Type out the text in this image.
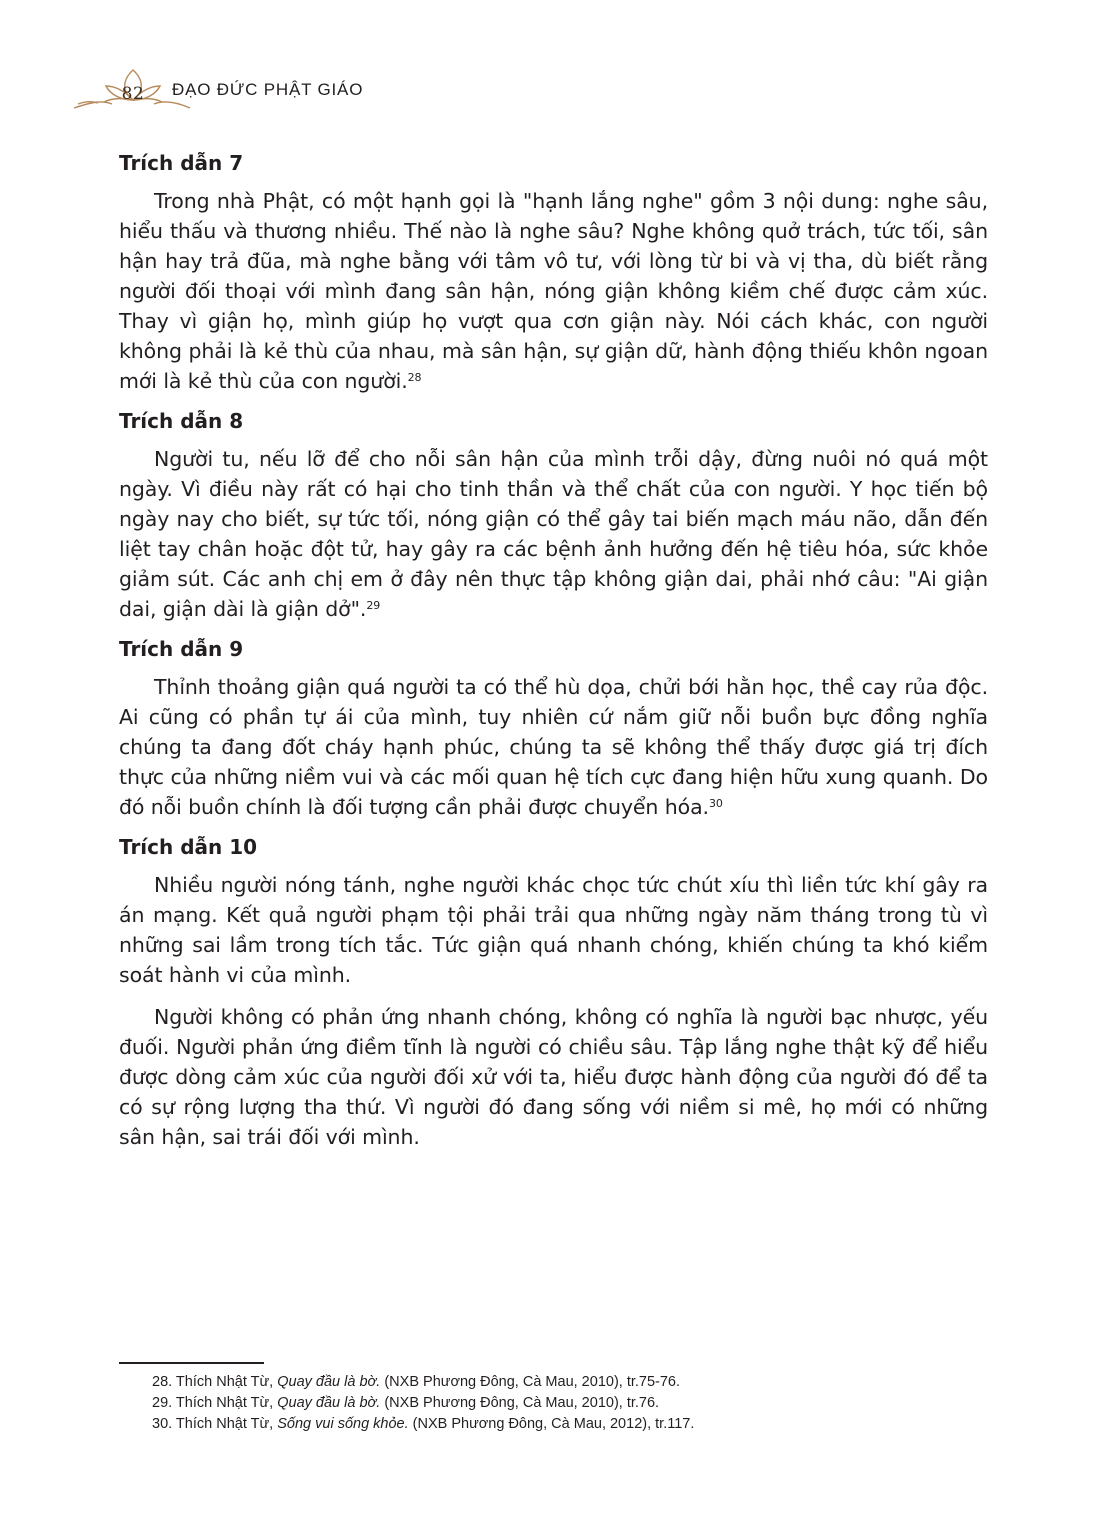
82	ĐẠO ĐỨC PHẬT GIÁO
Trích dẫn 7

Trong nhà Phật, có một hạnh gọi là "hạnh lắng nghe" gồm 3 nội dung: nghe sâu, hiểu thấu và thương nhiều. Thế nào là nghe sâu? Nghe không quở trách, tức tối, sân hận hay trả đũa, mà nghe bằng với tâm vô tư, với lòng từ bi và vị tha, dù biết rằng người đối thoại với mình đang sân hận, nóng giận không kiềm chế được cảm xúc. Thay vì giận họ, mình giúp họ vượt qua cơn giận này. Nói cách khác, con người không phải là kẻ thù của nhau, mà sân hận, sự giận dữ, hành động thiếu khôn ngoan mới là kẻ thù của con người.$^{28}$

Trích dẫn 8

Người tu, nếu lỡ để cho nỗi sân hận của mình trỗi dậy, đừng nuôi nó quá một ngày. Vì điều này rất có hại cho tinh thần và thể chất của con người. Y học tiến bộ ngày nay cho biết, sự tức tối, nóng giận có thể gây tai biến mạch máu não, dẫn đến liệt tay chân hoặc đột tử, hay gây ra các bệnh ảnh hưởng đến hệ tiêu hóa, sức khỏe giảm sút. Các anh chị em ở đây nên thực tập không giận dai, phải nhớ câu: "Ai giận dai, giận dài là giận dở".$^{29}$

Trích dẫn 9

Thỉnh thoảng giận quá người ta có thể hù dọa, chửi bới hằn học, thề cay rủa độc. Ai cũng có phần tự ái của mình, tuy nhiên cứ nắm giữ nỗi buồn bực đồng nghĩa chúng ta đang đốt cháy hạnh phúc, chúng ta sẽ không thể thấy được giá trị đích thực của những niềm vui và các mối quan hệ tích cực đang hiện hữu xung quanh. Do đó nỗi buồn chính là đối tượng cần phải được chuyển hóa.$^{30}$

Trích dẫn 10

Nhiều người nóng tánh, nghe người khác chọc tức chút xíu thì liền tức khí gây ra án mạng. Kết quả người phạm tội phải trải qua những ngày năm tháng trong tù vì những sai lầm trong tích tắc. Tức giận quá nhanh chóng, khiến chúng ta khó kiểm soát hành vi của mình.

Người không có phản ứng nhanh chóng, không có nghĩa là người bạc nhược, yếu đuối. Người phản ứng điềm tĩnh là người có chiều sâu. Tập lắng nghe thật kỹ để hiểu được dòng cảm xúc của người đối xử với ta, hiểu được hành động của người đó để ta có sự rộng lượng tha thứ. Vì người đó đang sống với niềm si mê, họ mới có những sân hận, sai trái đối với mình.

28. Thích Nhật Từ, Quay đầu là bờ. (NXB Phương Đông, Cà Mau, 2010), tr.75-76.

29. Thích Nhật Từ, Quay đầu là bờ. (NXB Phương Đông, Cà Mau, 2010), tr.76.

30. Thích Nhật Từ, Sống vui sống khỏe. (NXB Phương Đông, Cà Mau, 2012), tr.117.
